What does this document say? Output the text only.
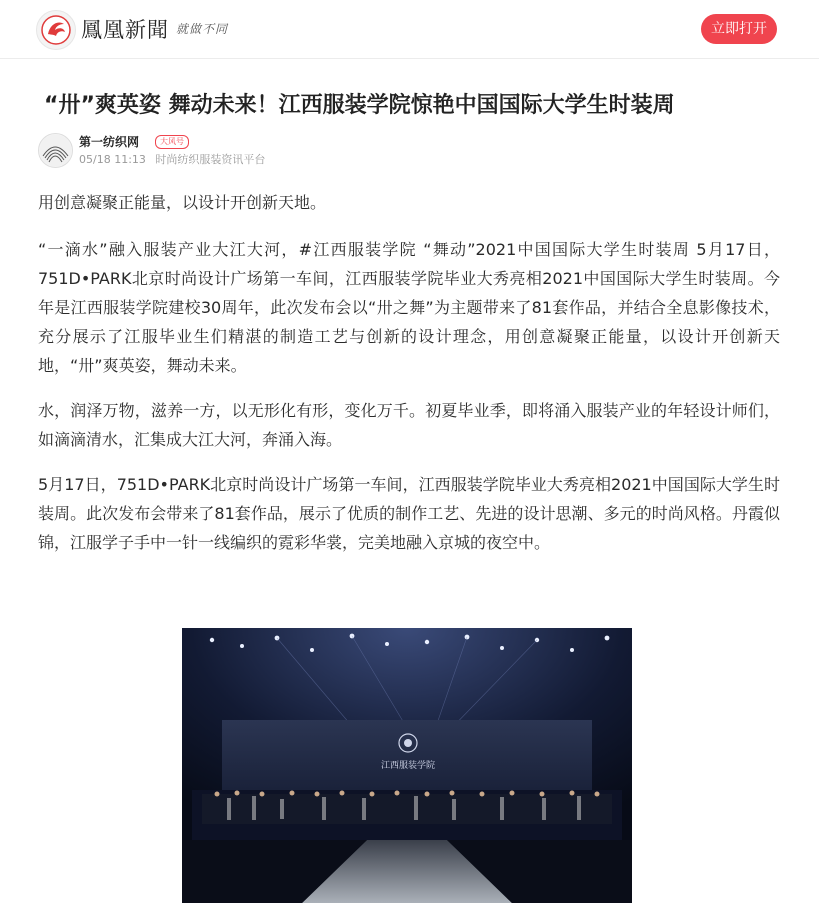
鳳凰新聞 就做不同	立即打开
“卅”爽英姿 舞动未来！江西服装学院惊艳中国国际大学生时装周
第一纺织网	大风号
05/18 11:13 时尚纺织服装资讯平台

用创意凝聚正能量，以设计开创新天地。

“一滴水”融入服装产业大江大河，#江西服装学院 “舞动”2021中国国际大学生时装周 5月17日，751D•PARK北京时尚设计广场第一车间，江西服装学院毕业大秀亮相2021中国国际大学生时装周。今年是江西服装学院建校30周年，此次发布会以“卅之舞”为主题带来了81套作品，并结合全息影像技术，充分展示了江服毕业生们精湛的制造工艺与创新的设计理念，用创意凝聚正能量，以设计开创新天地，“卅”爽英姿，舞动未来。

水，润泽万物，滋养一方，以无形化有形，变化万千。初夏毕业季，即将涌入服装产业的年轻设计师们，如滴滴清水，汇集成大江大河，奔涌入海。

5月17日，751D•PARK北京时尚设计广场第一车间，江西服装学院毕业大秀亮相2021中国国际大学生时装周。此次发布会带来了81套作品，展示了优质的制作工艺、先进的设计思潮、多元的时尚风格。丹霞似锦，江服学子手中一针一线编织的霓彩华裳，完美地融入京城的夜空中。

江西服装学院
